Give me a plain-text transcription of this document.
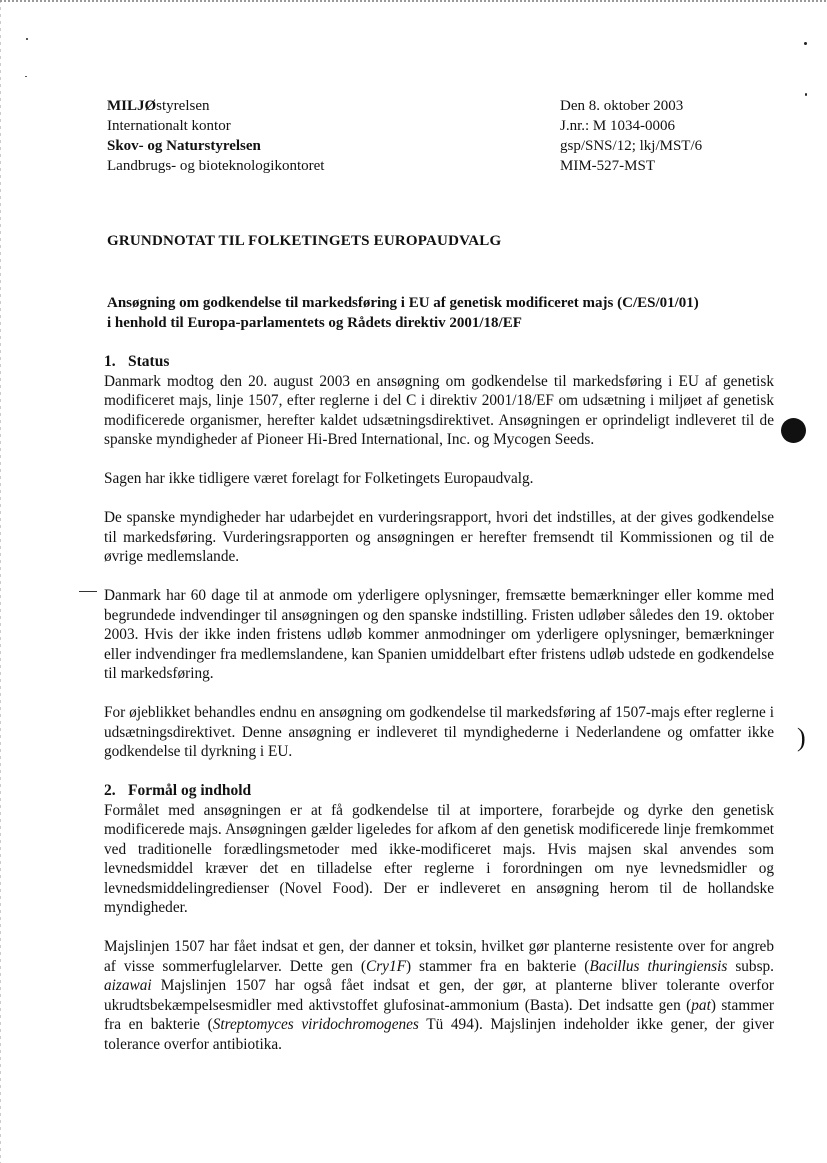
)
MILJØstyrelsen
Internationalt kontor
Skov- og Naturstyrelsen
Landbrugs- og bioteknologikontoret
Den 8. oktober 2003
J.nr.: M 1034-0006
gsp/SNS/12; lkj/MST/6
MIM-527-MST
GRUNDNOTAT TIL FOLKETINGETS EUROPAUDVALG
Ansøgning om godkendelse til markedsføring i EU af genetisk modificeret majs (C/ES/01/01)
i henhold til Europa-parlamentets og Rådets direktiv 2001/18/EF
1. Status

Danmark modtog den 20. august 2003 en ansøgning om godkendelse til markedsføring i EU af genetisk modificeret majs, linje 1507, efter reglerne i del C i direktiv 2001/18/EF om udsætning i miljøet af genetisk modificerede organismer, herefter kaldet udsætningsdirektivet. Ansøgningen er oprindeligt indleveret til de spanske myndigheder af Pioneer Hi-Bred International, Inc. og Mycogen Seeds.

Sagen har ikke tidligere været forelagt for Folketingets Europaudvalg.

De spanske myndigheder har udarbejdet en vurderingsrapport, hvori det indstilles, at der gives godkendelse til markedsføring. Vurderingsrapporten og ansøgningen er herefter fremsendt til Kommissionen og til de øvrige medlemslande.

Danmark har 60 dage til at anmode om yderligere oplysninger, fremsætte bemærkninger eller komme med begrundede indvendinger til ansøgningen og den spanske indstilling. Fristen udløber således den 19. oktober 2003. Hvis der ikke inden fristens udløb kommer anmodninger om yderligere oplysninger, bemærkninger eller indvendinger fra medlemslandene, kan Spanien umiddelbart efter fristens udløb udstede en godkendelse til markedsføring.

For øjeblikket behandles endnu en ansøgning om godkendelse til markedsføring af 1507-majs efter reglerne i udsætningsdirektivet. Denne ansøgning er indleveret til myndighederne i Nederlandene og omfatter ikke godkendelse til dyrkning i EU.

2. Formål og indhold

Formålet med ansøgningen er at få godkendelse til at importere, forarbejde og dyrke den genetisk modificerede majs. Ansøgningen gælder ligeledes for afkom af den genetisk modificerede linje fremkommet ved traditionelle forædlingsmetoder med ikke-modificeret majs. Hvis majsen skal anvendes som levnedsmiddel kræver det en tilladelse efter reglerne i forordningen om nye levnedsmidler og levnedsmiddelingredienser (Novel Food). Der er indleveret en ansøgning herom til de hollandske myndigheder.

Majslinjen 1507 har fået indsat et gen, der danner et toksin, hvilket gør planterne resistente over for angreb af visse sommerfuglelarver. Dette gen (Cry1F) stammer fra en bakterie (Bacillus thuringiensis subsp. aizawai Majslinjen 1507 har også fået indsat et gen, der gør, at planterne bliver tolerante overfor ukrudtsbekæmpelsesmidler med aktivstoffet glufosinat-ammonium (Basta). Det indsatte gen (pat) stammer fra en bakterie (Streptomyces viridochromogenes Tü 494). Majslinjen indeholder ikke gener, der giver tolerance overfor antibiotika.
